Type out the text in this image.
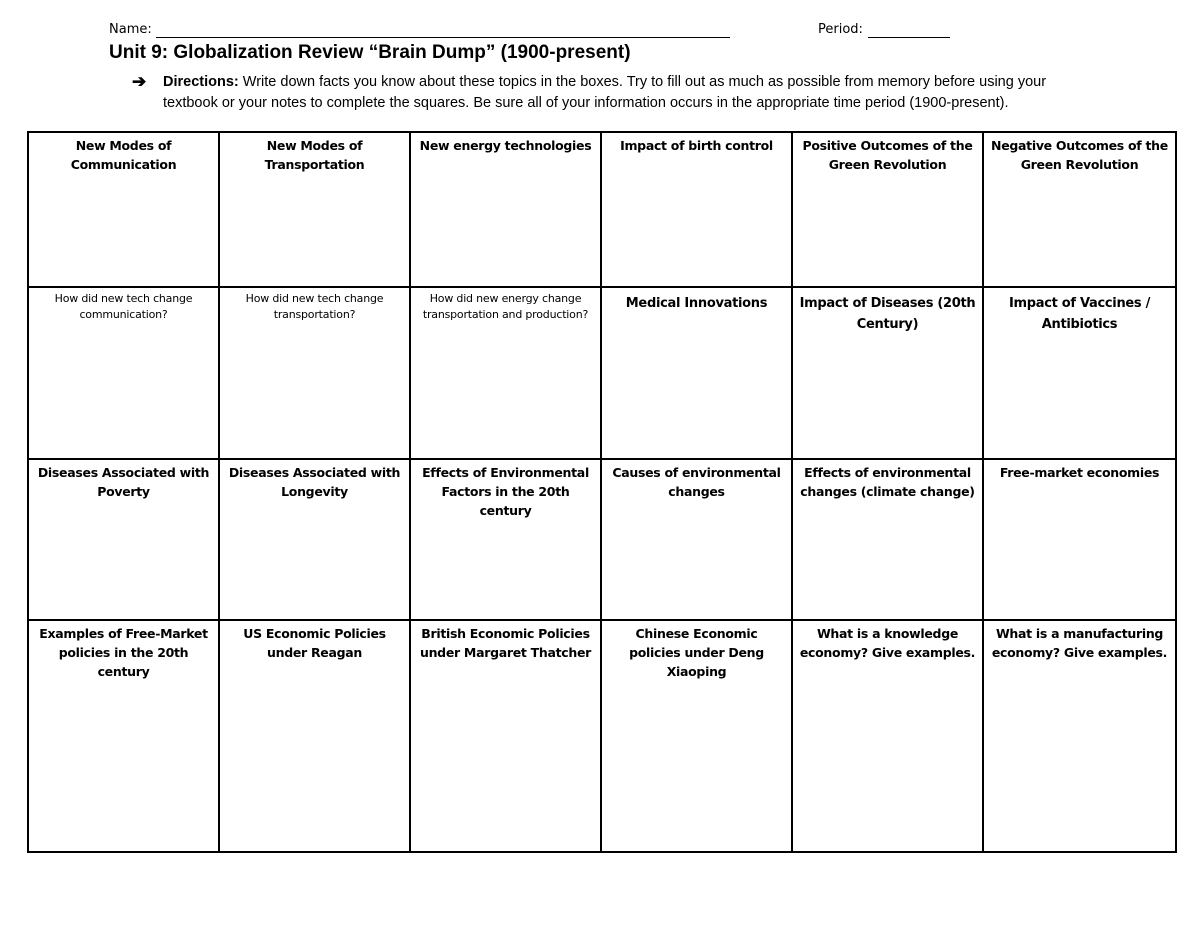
Name:	Period:
Unit 9: Globalization Review “Brain Dump” (1900-present)
➔ Directions: Write down facts you know about these topics in the boxes. Try to fill out as much as possible from memory before using your textbook or your notes to complete the squares. Be sure all of your information occurs in the appropriate time period (1900-present).
New Modes of Communication	New Modes of Transportation	New energy technologies	Impact of birth control	Positive Outcomes of the Green Revolution	Negative Outcomes of the Green Revolution
How did new tech change communication?	How did new tech change transportation?	How did new energy change transportation and production?	Medical Innovations	Impact of Diseases (20th Century)	Impact of Vaccines / Antibiotics
Diseases Associated with Poverty	Diseases Associated with Longevity	Effects of Environmental Factors in the 20th century	Causes of environmental changes	Effects of environmental changes (climate change)	Free-market economies
Examples of Free-Market policies in the 20th century	US Economic Policies under Reagan	British Economic Policies under Margaret Thatcher	Chinese Economic policies under Deng Xiaoping	What is a knowledge economy? Give examples.	What is a manufacturing economy? Give examples.
